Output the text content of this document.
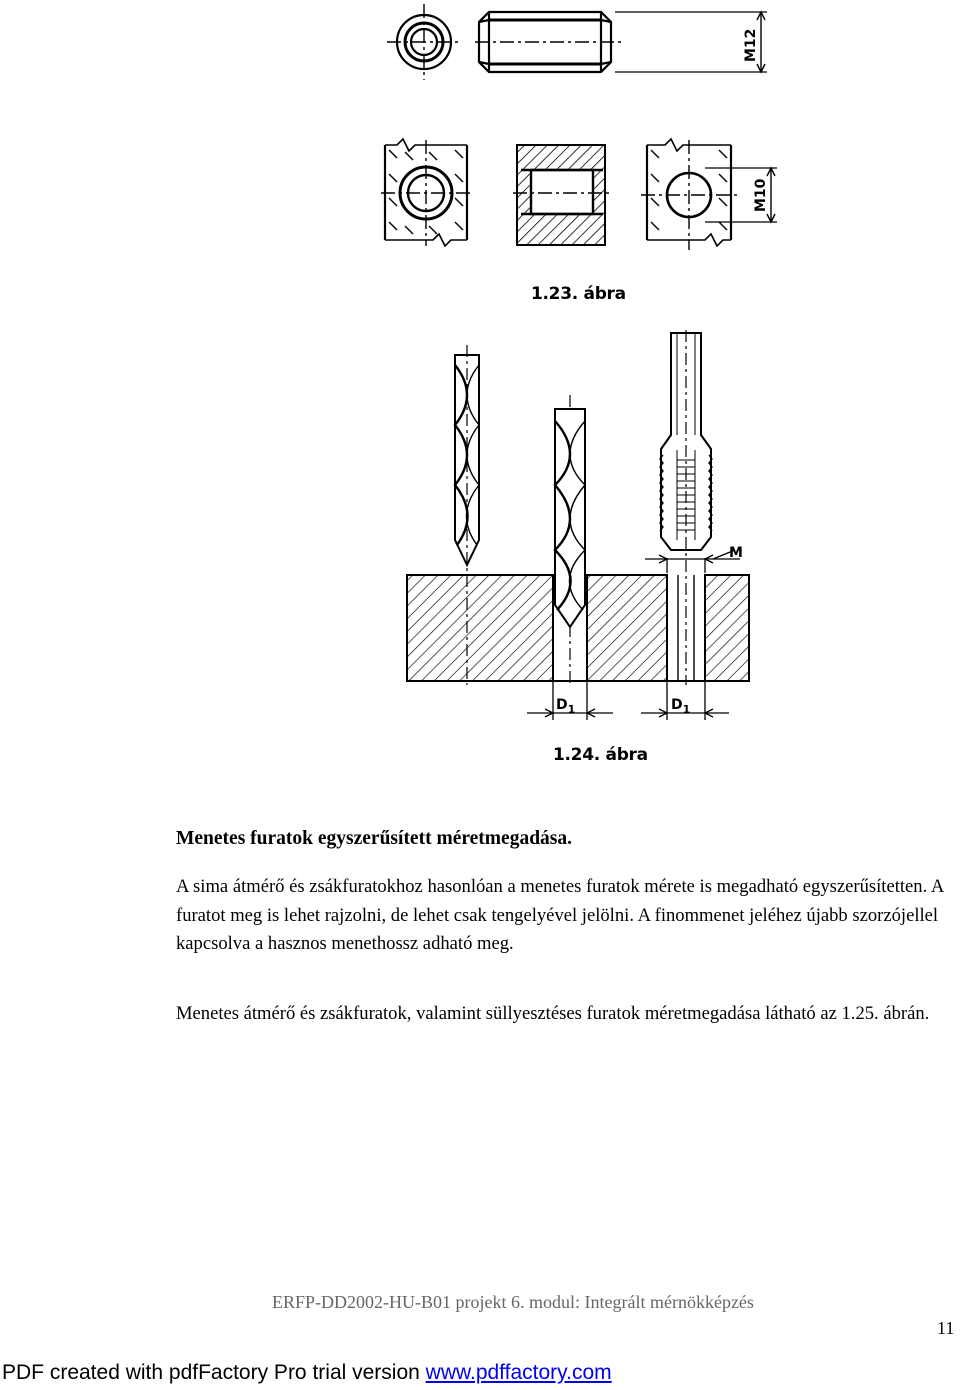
M12
M10
1.23. ábra
M
$D_1$	$D_1$
1.24. ábra
Menetes furatok egyszerűsített méretmegadása.
A sima átmérő és zsákfuratokhoz hasonlóan a menetes furatok mérete is megadható egyszerűsítetten. A furatot meg is lehet rajzolni, de lehet csak tengelyével jelölni. A finommenet jeléhez újabb szorzójellel kapcsolva a hasznos menethossz adható meg.
Menetes átmérő és zsákfuratok, valamint süllyesztéses furatok méretmegadása látható az 1.25. ábrán.
ERFP-DD2002-HU-B01 projekt 6. modul: Integrált mérnökképzés
11
PDF created with pdfFactory Pro trial version www.pdffactory.com
